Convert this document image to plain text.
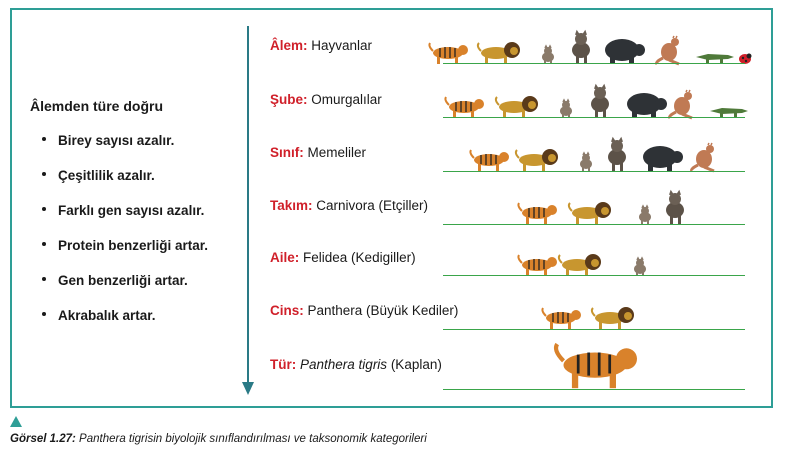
Âlemden türe doğru
Birey sayısı azalır.
Çeşitlilik azalır.
Farklı gen sayısı azalır.
Protein benzerliği artar.
Gen benzerliği artar.
Akrabalık artar.
Âlem: Hayvanlar
Şube: Omurgalılar
Sınıf: Memeliler
Takım: Carnivora (Etçiller)
Aile: Felidea (Kedigiller)
Cins: Panthera (Büyük Kediler)
Tür: Panthera tigris (Kaplan)
Görsel 1.27: Panthera tigrisin biyolojik sınıflandırılması ve taksonomik kategorileri
